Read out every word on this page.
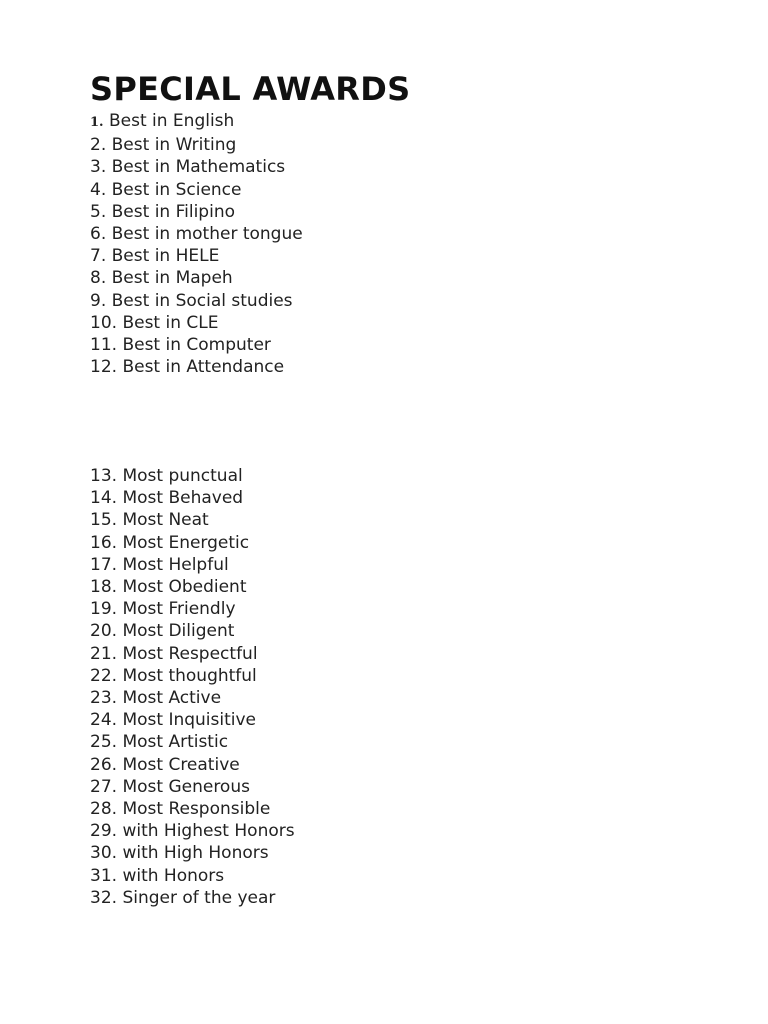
SPECIAL AWARDS
1. Best in English
2. Best in Writing
3. Best in Mathematics
4. Best in Science
5. Best in Filipino
6. Best in mother tongue
7. Best in HELE
8. Best in Mapeh
9. Best in Social studies
10. Best in CLE
11. Best in Computer
12. Best in Attendance
13. Most punctual
14. Most Behaved
15. Most Neat
16. Most Energetic
17. Most Helpful
18. Most Obedient
19. Most Friendly
20. Most Diligent
21. Most Respectful
22. Most thoughtful
23. Most Active
24. Most Inquisitive
25. Most Artistic
26. Most Creative
27. Most Generous
28. Most Responsible
29. with Highest Honors
30. with High Honors
31. with Honors
32. Singer of the year
